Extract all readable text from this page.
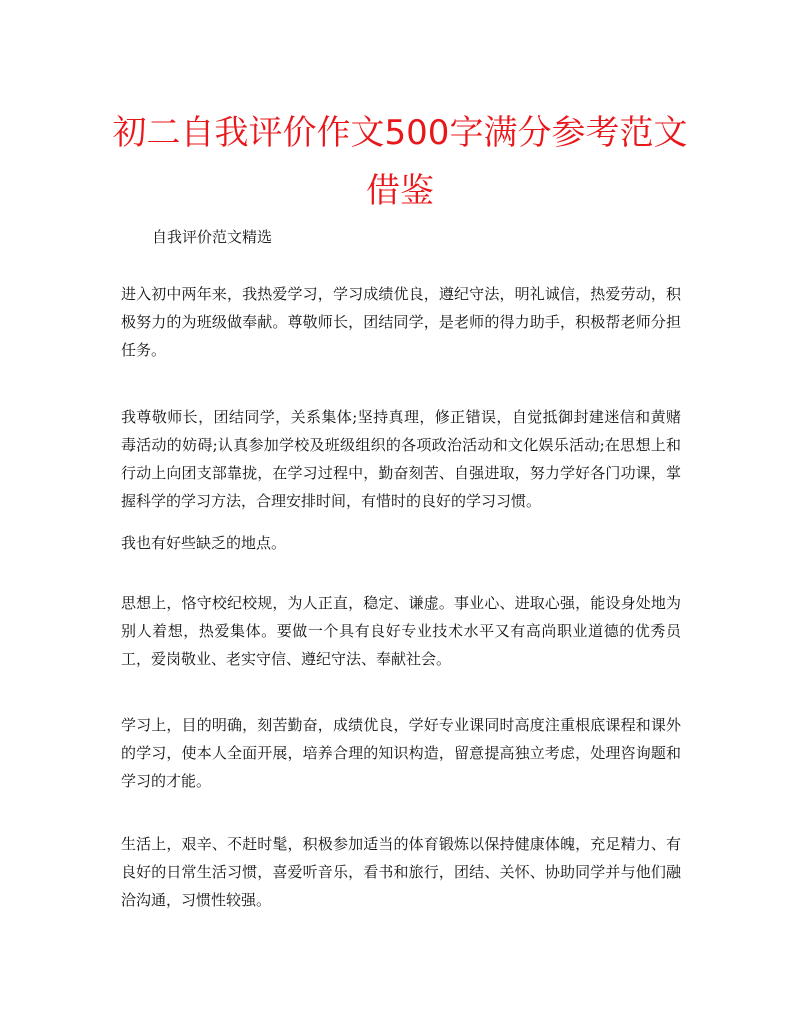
初二自我评价作文500字满分参考范文借鉴
自我评价范文精选

进入初中两年来，我热爱学习，学习成绩优良，遵纪守法，明礼诚信，热爱劳动，积极努力的为班级做奉献。尊敬师长，团结同学，是老师的得力助手，积极帮老师分担任务。

我尊敬师长，团结同学，关系集体;坚持真理，修正错误，自觉抵御封建迷信和黄赌毒活动的妨碍;认真参加学校及班级组织的各项政治活动和文化娱乐活动;在思想上和行动上向团支部靠拢，在学习过程中，勤奋刻苦、自强进取，努力学好各门功课，掌握科学的学习方法，合理安排时间，有惜时的良好的学习习惯。

我也有好些缺乏的地点。

思想上，恪守校纪校规，为人正直，稳定、谦虚。事业心、进取心强，能设身处地为别人着想，热爱集体。要做一个具有良好专业技术水平又有高尚职业道德的优秀员工，爱岗敬业、老实守信、遵纪守法、奉献社会。

学习上，目的明确，刻苦勤奋，成绩优良，学好专业课同时高度注重根底课程和课外的学习，使本人全面开展，培养合理的知识构造，留意提高独立考虑，处理咨询题和学习的才能。

生活上，艰辛、不赶时髦，积极参加适当的体育锻炼以保持健康体魄，充足精力、有良好的日常生活习惯，喜爱听音乐，看书和旅行，团结、关怀、协助同学并与他们融洽沟通，习惯性较强。
